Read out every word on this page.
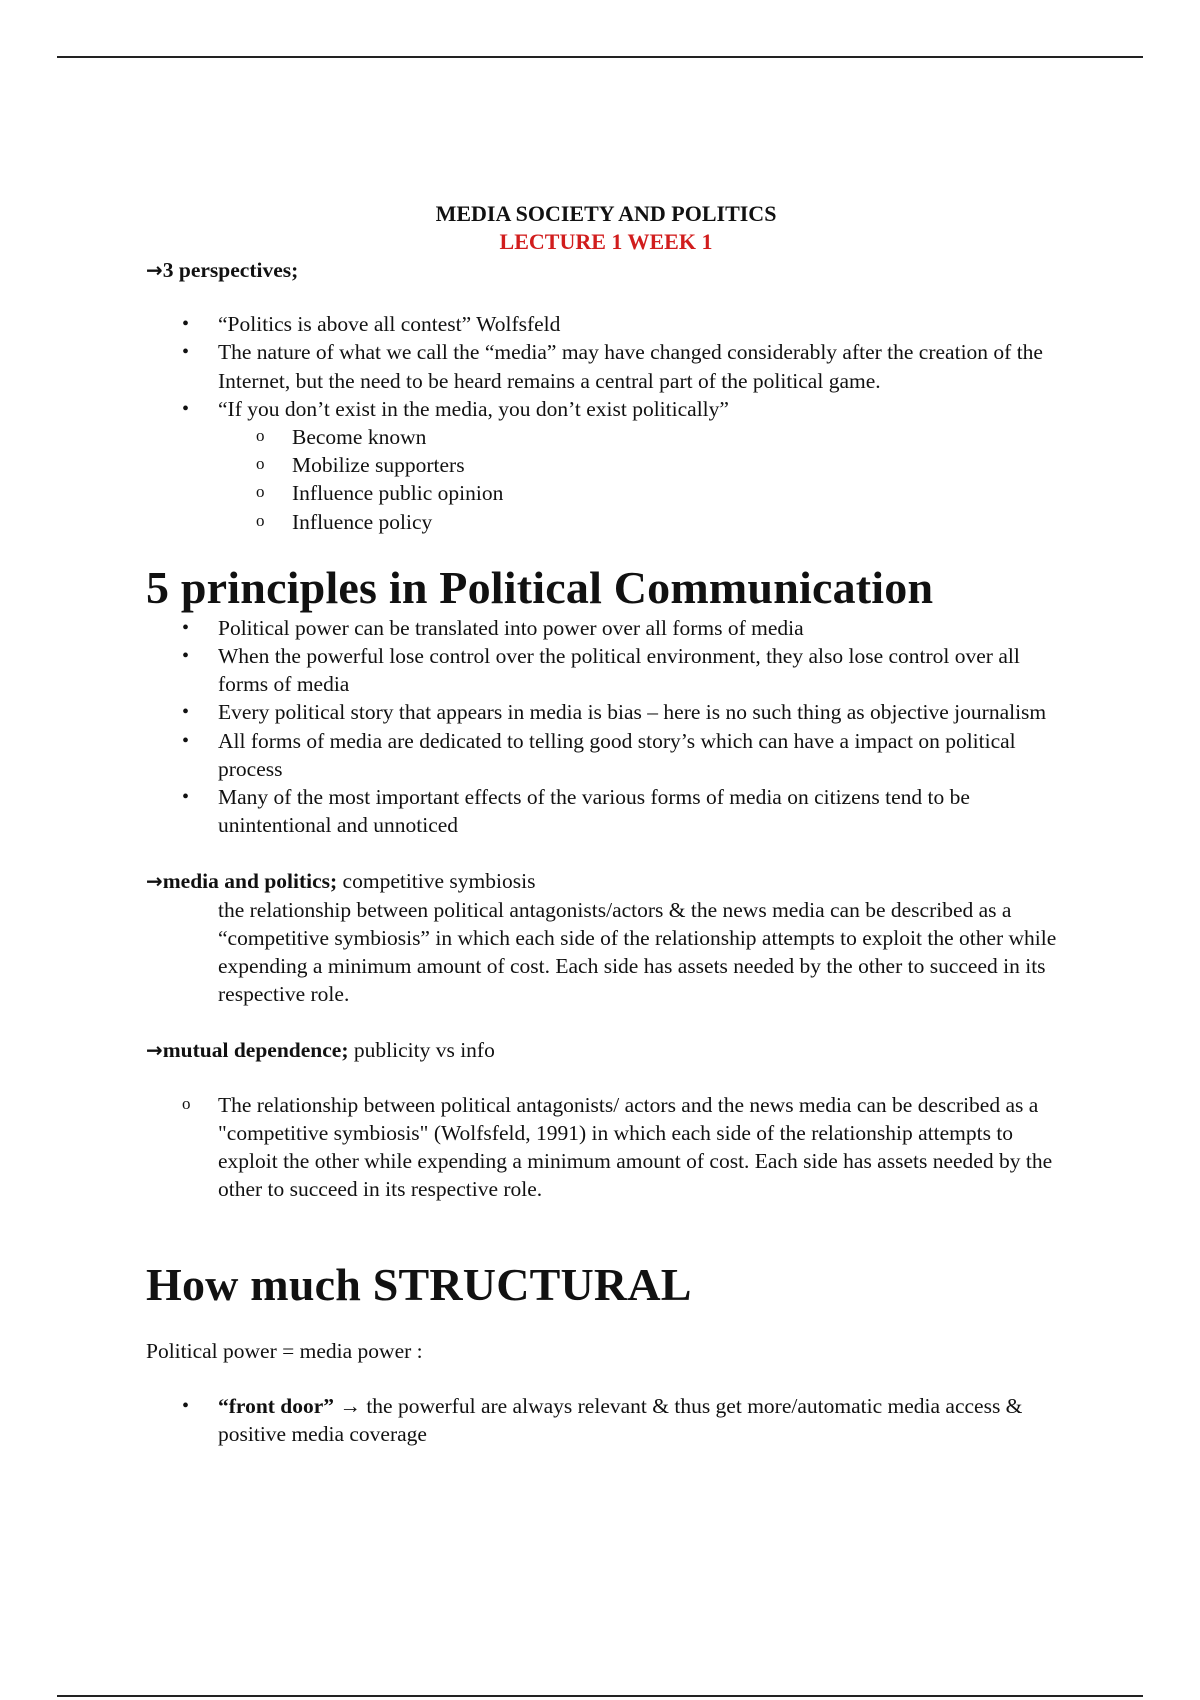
MEDIA SOCIETY AND POLITICS
LECTURE 1 WEEK 1
→3 perspectives;
• “Politics is above all contest” Wolfsfeld
• The nature of what we call the “media” may have changed considerably after the creation of the Internet, but the need to be heard remains a central part of the political game.
• “If you don’t exist in the media, you don’t exist politically”
o Become known
o Mobilize supporters
o Influence public opinion
o Influence policy
5 principles in Political Communication
• Political power can be translated into power over all forms of media
• When the powerful lose control over the political environment, they also lose control over all forms of media
• Every political story that appears in media is bias – here is no such thing as objective journalism
• All forms of media are dedicated to telling good story’s which can have a impact on political process
• Many of the most important effects of the various forms of media on citizens tend to be unintentional and unnoticed
→media and politics; competitive symbiosis
the relationship between political antagonists/actors & the news media can be described as a “competitive symbiosis” in which each side of the relationship attempts to exploit the other while expending a minimum amount of cost. Each side has assets needed by the other to succeed in its respective role.
→mutual dependence; publicity vs info
o The relationship between political antagonists/ actors and the news media can be described as a "competitive symbiosis" (Wolfsfeld, 1991) in which each side of the relationship attempts to exploit the other while expending a minimum amount of cost. Each side has assets needed by the other to succeed in its respective role.
How much STRUCTURAL
Political power = media power :
• “front door” → the powerful are always relevant & thus get more/automatic media access & positive media coverage
